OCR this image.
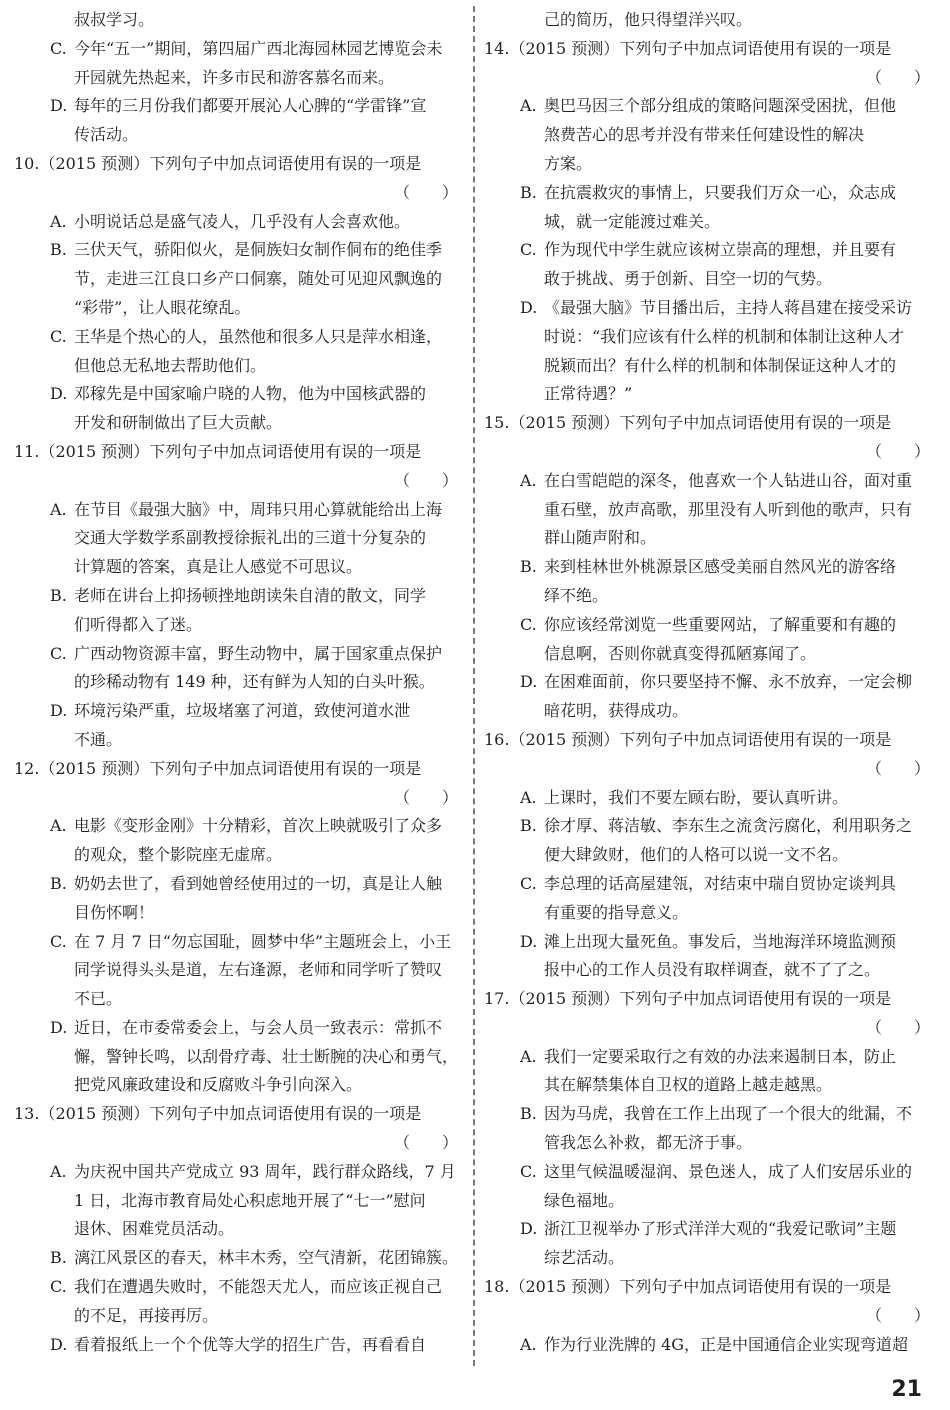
叔叔学习。
C. 今年“五一”期间，第四届广西北海园林园艺博览会未
开园就先热起来，许多市民和游客慕名而来。
D. 每年的三月份我们都要开展沁人心脾的“学雷锋”宣
传活动。
10.（2015 预测）下列句子中加点词语使用有误的一项是
（　　）
A. 小明说话总是盛气凌人，几乎没有人会喜欢他。
B. 三伏天气，骄阳似火，是侗族妇女制作侗布的绝佳季
节，走进三江良口乡产口侗寨，随处可见迎风飘逸的
“彩带”，让人眼花缭乱。
C. 王华是个热心的人，虽然他和很多人只是萍水相逢，
但他总无私地去帮助他们。
D. 邓稼先是中国家喻户晓的人物，他为中国核武器的
开发和研制做出了巨大贡献。
11.（2015 预测）下列句子中加点词语使用有误的一项是
（　　）
A. 在节目《最强大脑》中，周玮只用心算就能给出上海
交通大学数学系副教授徐振礼出的三道十分复杂的
计算题的答案，真是让人感觉不可思议。
B. 老师在讲台上抑扬顿挫地朗读朱自清的散文，同学
们听得都入了迷。
C. 广西动物资源丰富，野生动物中，属于国家重点保护
的珍稀动物有 149 种，还有鲜为人知的白头叶猴。
D. 环境污染严重，垃圾堵塞了河道，致使河道水泄
不通。
12.（2015 预测）下列句子中加点词语使用有误的一项是
（　　）
A. 电影《变形金刚》十分精彩，首次上映就吸引了众多
的观众，整个影院座无虚席。
B. 奶奶去世了，看到她曾经使用过的一切，真是让人触
目伤怀啊！
C. 在 7 月 7 日“勿忘国耻，圆梦中华”主题班会上，小王
同学说得头头是道，左右逢源，老师和同学听了赞叹
不已。
D. 近日，在市委常委会上，与会人员一致表示：常抓不
懈，警钟长鸣，以刮骨疗毒、壮士断腕的决心和勇气，
把党风廉政建设和反腐败斗争引向深入。
13.（2015 预测）下列句子中加点词语使用有误的一项是
（　　）
A. 为庆祝中国共产党成立 93 周年，践行群众路线，7 月
1 日，北海市教育局处心积虑地开展了“七一”慰问
退休、困难党员活动。
B. 漓江风景区的春天，林丰木秀，空气清新，花团锦簇。
C. 我们在遭遇失败时，不能怨天尤人，而应该正视自己
的不足，再接再厉。
D. 看着报纸上一个个优等大学的招生广告，再看看自
己的简历，他只得望洋兴叹。
14.（2015 预测）下列句子中加点词语使用有误的一项是
（　　）
A. 奥巴马因三个部分组成的策略问题深受困扰，但他
煞费苦心的思考并没有带来任何建设性的解决
方案。
B. 在抗震救灾的事情上，只要我们万众一心，众志成
城，就一定能渡过难关。
C. 作为现代中学生就应该树立崇高的理想，并且要有
敢于挑战、勇于创新、目空一切的气势。
D. 《最强大脑》节目播出后，主持人蒋昌建在接受采访
时说：“我们应该有什么样的机制和体制让这种人才
脱颖而出？有什么样的机制和体制保证这种人才的
正常待遇？”
15.（2015 预测）下列句子中加点词语使用有误的一项是
（　　）
A. 在白雪皑皑的深冬，他喜欢一个人钻进山谷，面对重
重石壁，放声高歌，那里没有人听到他的歌声，只有
群山随声附和。
B. 来到桂林世外桃源景区感受美丽自然风光的游客络
绎不绝。
C. 你应该经常浏览一些重要网站，了解重要和有趣的
信息啊，否则你就真变得孤陋寡闻了。
D. 在困难面前，你只要坚持不懈、永不放弃，一定会柳
暗花明，获得成功。
16.（2015 预测）下列句子中加点词语使用有误的一项是
（　　）
A. 上课时，我们不要左顾右盼，要认真听讲。
B. 徐才厚、蒋洁敏、李东生之流贪污腐化，利用职务之
便大肆敛财，他们的人格可以说一文不名。
C. 李总理的话高屋建瓴，对结束中瑞自贸协定谈判具
有重要的指导意义。
D. 滩上出现大量死鱼。事发后，当地海洋环境监测预
报中心的工作人员没有取样调查，就不了了之。
17.（2015 预测）下列句子中加点词语使用有误的一项是
（　　）
A. 我们一定要采取行之有效的办法来遏制日本，防止
其在解禁集体自卫权的道路上越走越黑。
B. 因为马虎，我曾在工作上出现了一个很大的纰漏，不
管我怎么补救，都无济于事。
C. 这里气候温暖湿润、景色迷人，成了人们安居乐业的
绿色福地。
D. 浙江卫视举办了形式洋洋大观的“我爱记歌词”主题
综艺活动。
18.（2015 预测）下列句子中加点词语使用有误的一项是
（　　）
A. 作为行业洗牌的 4G，正是中国通信企业实现弯道超
21
